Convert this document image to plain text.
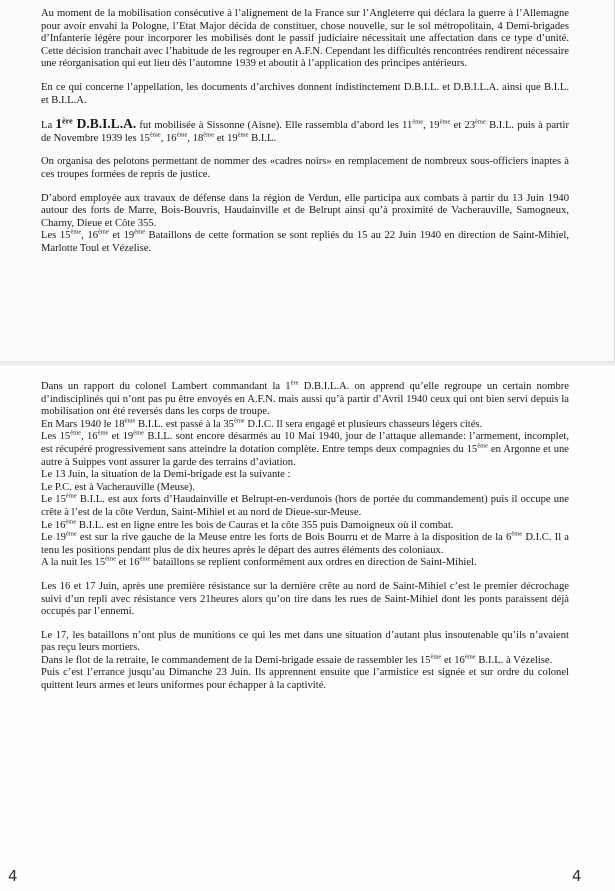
Au moment de la mobilisation consécutive à l’alignement de la France sur l’Angleterre qui déclara la guerre à l’Allemagne pour avoir envahi la Pologne, l’Etat Major décida de constituer, chose nouvelle, sur le sol métropolitain, 4 Demi-brigades d’Infanterie légère pour incorporer les mobilisés dont le passif judiciaire nécessitait une affectation dans ce type d’unité. Cette décision tranchait avec l’habitude de les regrouper en A.F.N. Cependant les difficultés rencontrées rendirent nécessaire une réorganisation qui eut lieu dès l’automne 1939 et aboutit à l’application des principes antérieurs.

En ce qui concerne l’appellation, les documents d’archives donnent indistinctement D.B.I.L. et D.B.I.L.A. ainsi que B.I.L. et B.I.L.A.

La 1ère D.B.I.L.A. fut mobilisée à Sissonne (Aisne). Elle rassembla d’abord les 11ème, 19ème et 23ème B.I.L. puis à partir de Novembre 1939 les 15ème, 16ème, 18ème et 19ème B.I.L.

On organisa des pelotons permettant de nommer des «cadres noirs» en remplacement de nombreux sous-officiers inaptes à ces troupes formées de repris de justice.

D’abord employée aux travaux de défense dans la région de Verdun, elle participa aux combats à partir du 13 Juin 1940 autour des forts de Marre, Bois-Bouvris, Haudainville et de Belrupt ainsi qu’à proximité de Vacherauville, Samogneux, Charny, Dieue et Côte 355.

Les 15ème, 16ème et 19ème Bataillons de cette formation se sont repliés du 15 au 22 Juin 1940 en direction de Saint-Mihiel, Marlotte Toul et Vézelise.

Dans un rapport du colonel Lambert commandant la 1ère D.B.I.L.A. on apprend qu’elle regroupe un certain nombre d’indisciplinés qui n’ont pas pu être envoyés en A.F.N. mais aussi qu’à partir d’Avril 1940 ceux qui ont bien servi depuis la mobilisation ont été reversés dans les corps de troupe.

En Mars 1940 le 18ème B.I.L. est passé à la 35ème D.I.C. Il sera engagé et plusieurs chasseurs légers cités.

Les 15ème, 16ème et 19ème B.I.L. sont encore désarmés au 10 Mai 1940, jour de l’attaque allemande: l’armement, incomplet, est récupéré progressivement sans atteindre la dotation complète. Entre temps deux compagnies du 15ème en Argonne et une autre à Suippes vont assurer la garde des terrains d’aviation.

Le 13 Juin, la situation de la Demi-brigade est la suivante :

Le P.C. est à Vacherauville (Meuse).

Le 15ème B.I.L. est aux forts d’Haudainville et Belrupt-en-verdunois (hors de portée du commandement) puis il occupe une crête à l’est de la côte Verdun, Saint-Mihiel et au nord de Dieue-sur-Meuse.

Le 16ème B.I.L. est en ligne entre les bois de Cauras et la côte 355 puis Damoigneux où il combat.

Le 19ème est sur la rive gauche de la Meuse entre les forts de Bois Bourru et de Marre à la disposition de la 6ème D.I.C. Il a tenu les positions pendant plus de dix heures après le départ des autres éléments des coloniaux.

A la nuit les 15ème et 16ème bataillons se replient conformément aux ordres en direction de Saint-Mihiel.

Les 16 et 17 Juin, après une première résistance sur la dernière crête au nord de Saint-Mihiel c’est le premier décrochage suivi d’un repli avec résistance vers 21heures alors qu’on tire dans les rues de Saint-Mihiel dont les ponts paraissent déjà occupés par l’ennemi.

Le 17, les bataillons n’ont plus de munitions ce qui les met dans une situation d’autant plus insoutenable qu’ils n’avaient pas reçu leurs mortiers.

Dans le flot de la retraite, le commandement de la Demi-brigade essaie de rassembler les 15ème et 16ème B.I.L. à Vézelise.

Puis c’est l’errance jusqu’au Dimanche 23 Juin. Ils apprennent ensuite que l’armistice est signée et sur ordre du colonel quittent leurs armes et leurs uniformes pour échapper à la captivité.

4	4
